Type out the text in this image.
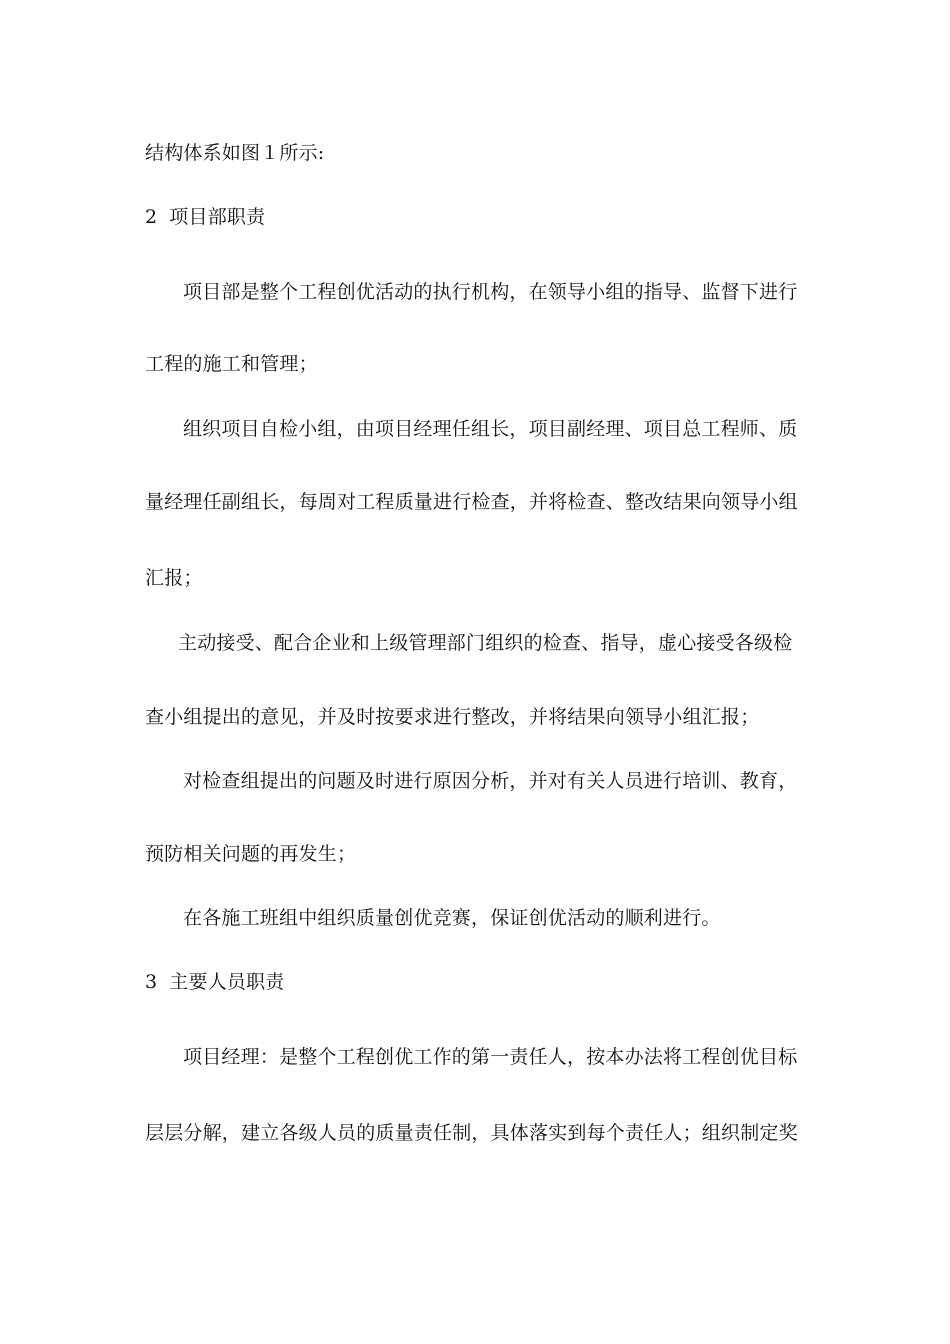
结构体系如图１所示:
2 项目部职责
项目部是整个工程创优活动的执行机构，在领导小组的指导、监督下进行
工程的施工和管理；
组织项目自检小组，由项目经理任组长，项目副经理、项目总工程师、质
量经理任副组长，每周对工程质量进行检查，并将检查、整改结果向领导小组
汇报；
主动接受、配合企业和上级管理部门组织的检查、指导，虚心接受各级检
查小组提出的意见，并及时按要求进行整改，并将结果向领导小组汇报；
对检查组提出的问题及时进行原因分析，并对有关人员进行培训、教育，
预防相关问题的再发生；
在各施工班组中组织质量创优竞赛，保证创优活动的顺利进行。
3 主要人员职责
项目经理：是整个工程创优工作的第一责任人，按本办法将工程创优目标
层层分解，建立各级人员的质量责任制，具体落实到每个责任人；组织制定奖
